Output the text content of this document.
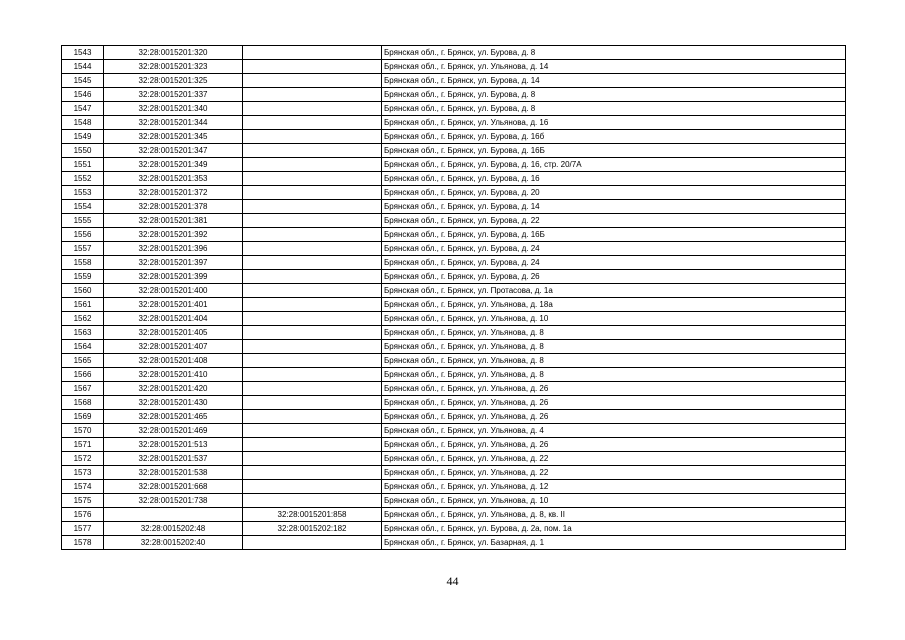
1543	32:28:0015201:320		Брянская обл., г. Брянск, ул. Бурова, д. 8
1544	32:28:0015201:323		Брянская обл., г. Брянск, ул. Ульянова, д. 14
1545	32:28:0015201:325		Брянская обл., г. Брянск, ул. Бурова, д. 14
1546	32:28:0015201:337		Брянская обл., г. Брянск, ул. Бурова, д. 8
1547	32:28:0015201:340		Брянская обл., г. Брянск, ул. Бурова, д. 8
1548	32:28:0015201:344		Брянская обл., г. Брянск, ул. Ульянова, д. 16
1549	32:28:0015201:345		Брянская обл., г. Брянск, ул. Бурова, д. 16б
1550	32:28:0015201:347		Брянская обл., г. Брянск, ул. Бурова, д. 16Б
1551	32:28:0015201:349		Брянская обл., г. Брянск, ул. Бурова, д. 16, стр. 20/7А
1552	32:28:0015201:353		Брянская обл., г. Брянск, ул. Бурова, д. 16
1553	32:28:0015201:372		Брянская обл., г. Брянск, ул. Бурова, д. 20
1554	32:28:0015201:378		Брянская обл., г. Брянск, ул. Бурова, д. 14
1555	32:28:0015201:381		Брянская обл., г. Брянск, ул. Бурова, д. 22
1556	32:28:0015201:392		Брянская обл., г. Брянск, ул. Бурова, д. 16Б
1557	32:28:0015201:396		Брянская обл., г. Брянск, ул. Бурова, д. 24
1558	32:28:0015201:397		Брянская обл., г. Брянск, ул. Бурова, д. 24
1559	32:28:0015201:399		Брянская обл., г. Брянск, ул. Бурова, д. 26
1560	32:28:0015201:400		Брянская обл., г. Брянск, ул. Протасова, д. 1а
1561	32:28:0015201:401		Брянская обл., г. Брянск, ул. Ульянова, д. 18а
1562	32:28:0015201:404		Брянская обл., г. Брянск, ул. Ульянова, д. 10
1563	32:28:0015201:405		Брянская обл., г. Брянск, ул. Ульянова, д. 8
1564	32:28:0015201:407		Брянская обл., г. Брянск, ул. Ульянова, д. 8
1565	32:28:0015201:408		Брянская обл., г. Брянск, ул. Ульянова, д. 8
1566	32:28:0015201:410		Брянская обл., г. Брянск, ул. Ульянова, д. 8
1567	32:28:0015201:420		Брянская обл., г. Брянск, ул. Ульянова, д. 26
1568	32:28:0015201:430		Брянская обл., г. Брянск, ул. Ульянова, д. 26
1569	32:28:0015201:465		Брянская обл., г. Брянск, ул. Ульянова, д. 26
1570	32:28:0015201:469		Брянская обл., г. Брянск, ул. Ульянова, д. 4
1571	32:28:0015201:513		Брянская обл., г. Брянск, ул. Ульянова, д. 26
1572	32:28:0015201:537		Брянская обл., г. Брянск, ул. Ульянова, д. 22
1573	32:28:0015201:538		Брянская обл., г. Брянск, ул. Ульянова, д. 22
1574	32:28:0015201:668		Брянская обл., г. Брянск, ул. Ульянова, д. 12
1575	32:28:0015201:738		Брянская обл., г. Брянск, ул. Ульянова, д. 10
1576		32:28:0015201:858	Брянская обл., г. Брянск, ул. Ульянова, д. 8, кв. II
1577	32:28:0015202:48	32:28:0015202:182	Брянская обл., г. Брянск, ул. Бурова, д. 2а, пом. 1а
1578	32:28:0015202:40		Брянская обл., г. Брянск, ул. Базарная, д. 1
44
